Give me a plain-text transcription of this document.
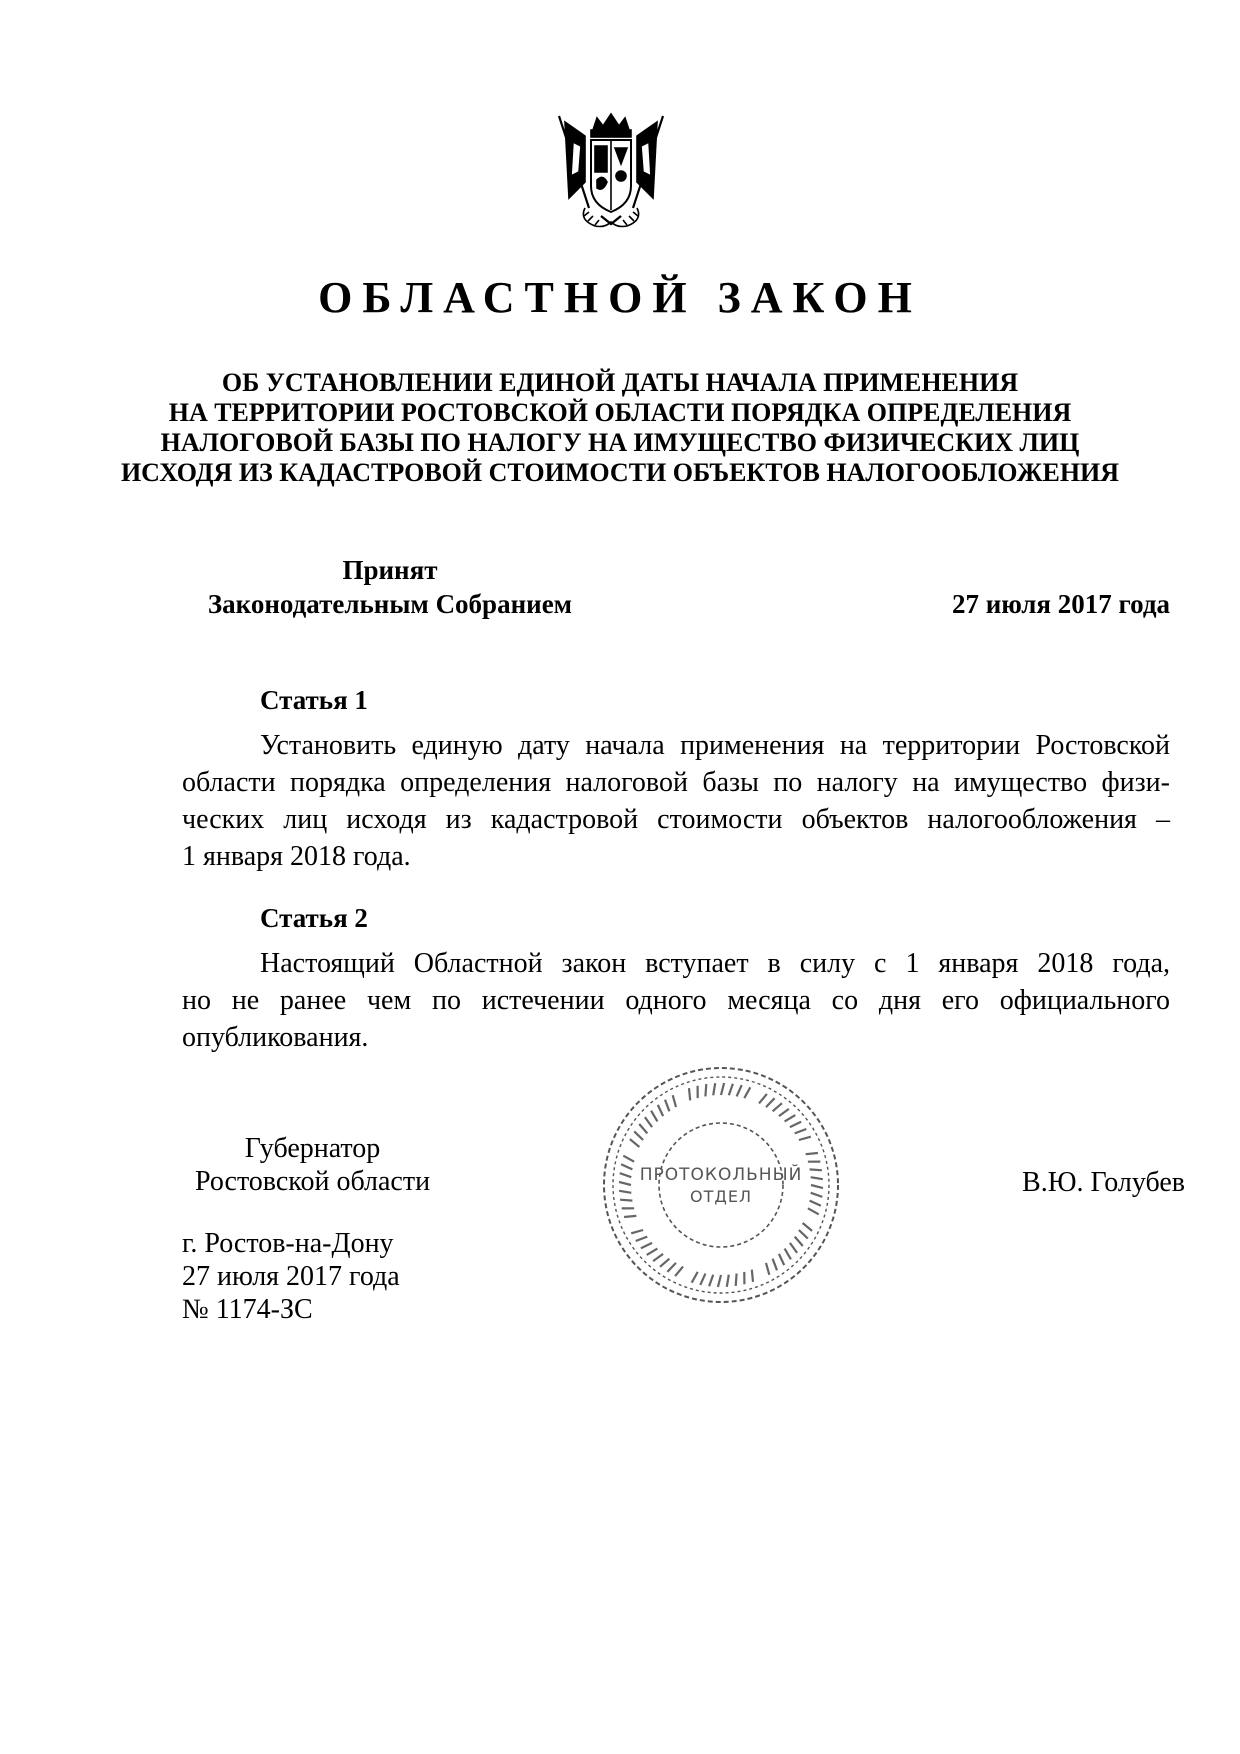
ОБЛАСТНОЙ ЗАКОН
ОБ УСТАНОВЛЕНИИ ЕДИНОЙ ДАТЫ НАЧАЛА ПРИМЕНЕНИЯ
НА ТЕРРИТОРИИ РОСТОВСКОЙ ОБЛАСТИ ПОРЯДКА ОПРЕДЕЛЕНИЯ
НАЛОГОВОЙ БАЗЫ ПО НАЛОГУ НА ИМУЩЕСТВО ФИЗИЧЕСКИХ ЛИЦ
ИСХОДЯ ИЗ КАДАСТРОВОЙ СТОИМОСТИ ОБЪЕКТОВ НАЛОГООБЛОЖЕНИЯ
Принят
Законодательным Собранием	27 июля 2017 года
Статья 1
Установить единую дату начала применения на территории Ростовской
области порядка определения налоговой базы по налогу на имущество физи-
ческих лиц исходя из кадастровой стоимости объектов налогообложения –
1 января 2018 года.
Статья 2
Настоящий Областной закон вступает в силу с 1 января 2018 года,
но не ранее чем по истечении одного месяца со дня его официального
опубликования.
Губернатор
Ростовской области	ПРОТОКОЛЬНЫЙ
ОТДЕЛ	В.Ю. Голубев
г. Ростов-на-Дону
27 июля 2017 года
№ 1174-ЗС
